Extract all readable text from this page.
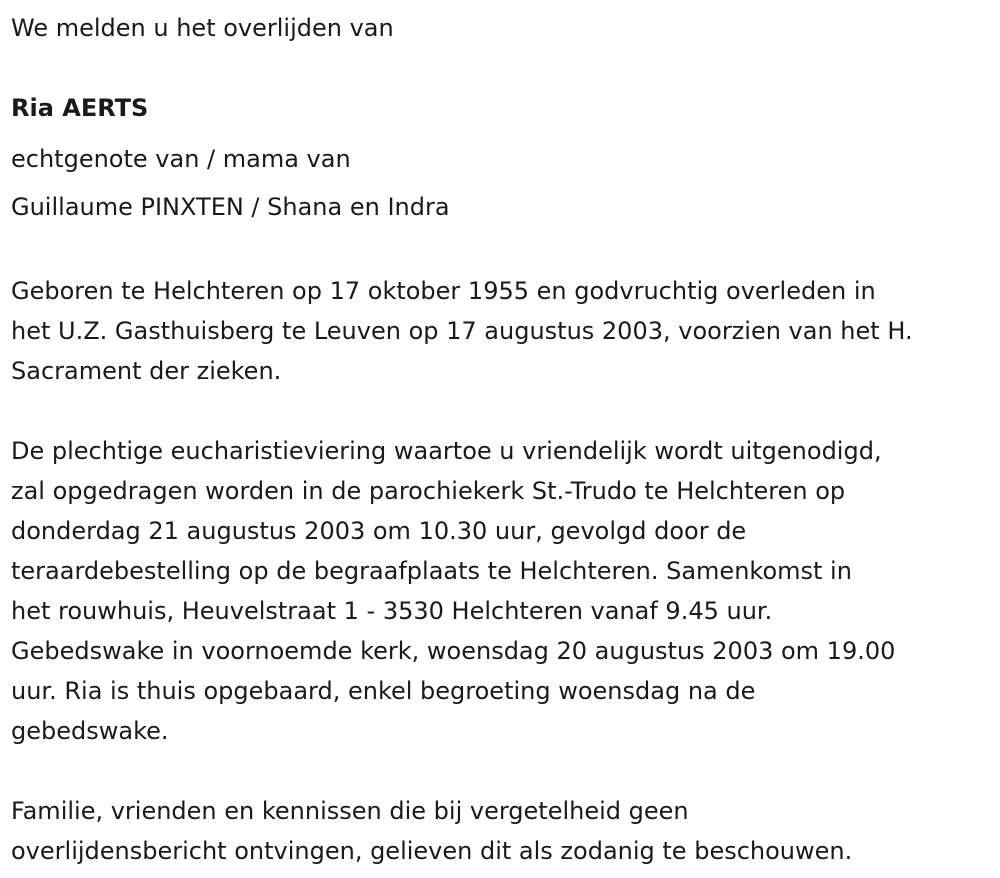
We melden u het overlijden van

Ria AERTS

echtgenote van / mama van

Guillaume PINXTEN / Shana en Indra

Geboren te Helchteren op 17 oktober 1955 en godvruchtig overleden in

het U.Z. Gasthuisberg te Leuven op 17 augustus 2003, voorzien van het H.

Sacrament der zieken.

De plechtige eucharistieviering waartoe u vriendelijk wordt uitgenodigd,

zal opgedragen worden in de parochiekerk St.-Trudo te Helchteren op

donderdag 21 augustus 2003 om 10.30 uur, gevolgd door de

teraardebestelling op de begraafplaats te Helchteren. Samenkomst in

het rouwhuis, Heuvelstraat 1 - 3530 Helchteren vanaf 9.45 uur.

Gebedswake in voornoemde kerk, woensdag 20 augustus 2003 om 19.00

uur. Ria is thuis opgebaard, enkel begroeting woensdag na de

gebedswake.

Familie, vrienden en kennissen die bij vergetelheid geen

overlijdensbericht ontvingen, gelieven dit als zodanig te beschouwen.
